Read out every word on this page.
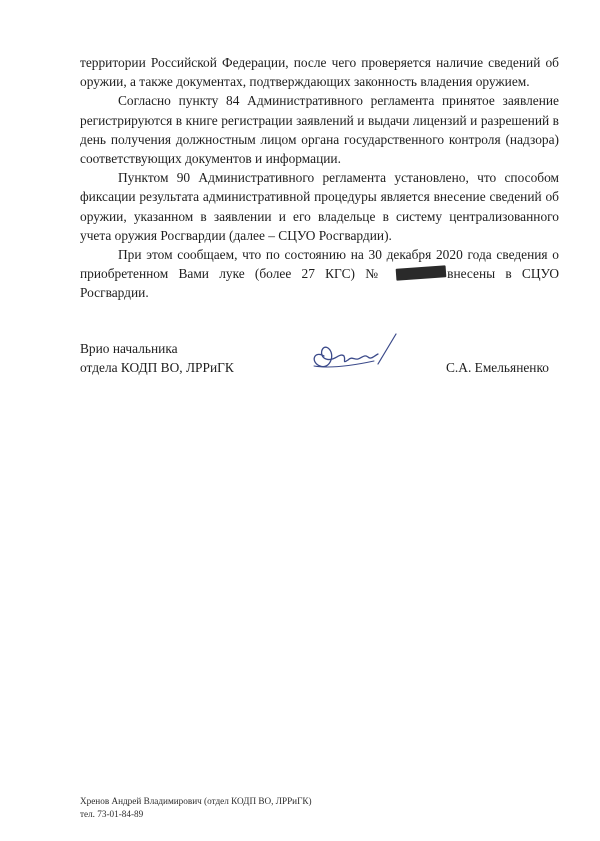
территории Российской Федерации, после чего проверяется наличие сведений об оружии, а также документах, подтверждающих законность владения оружием.

Согласно пункту 84 Административного регламента принятое заявление регистрируются в книге регистрации заявлений и выдачи лицензий и разрешений в день получения должностным лицом органа государственного контроля (надзора) соответствующих документов и информации.

Пунктом 90 Административного регламента установлено, что способом фиксации результата административной процедуры является внесение сведений об оружии, указанном в заявлении и его владельце в систему централизованного учета оружия Росгвардии (далее – СЦУО Росгвардии).

При этом сообщаем, что по состоянию на 30 декабря 2020 года сведения о приобретенном Вами луке (более 27 КГС) №	внесены в СЦУО Росгвардии.

Врио начальника
отдела КОДП ВО, ЛРРиГК	С.А. Емельяненко
Хренов Андрей Владимирович (отдел КОДП ВО, ЛРРиГК)
тел. 73-01-84-89
